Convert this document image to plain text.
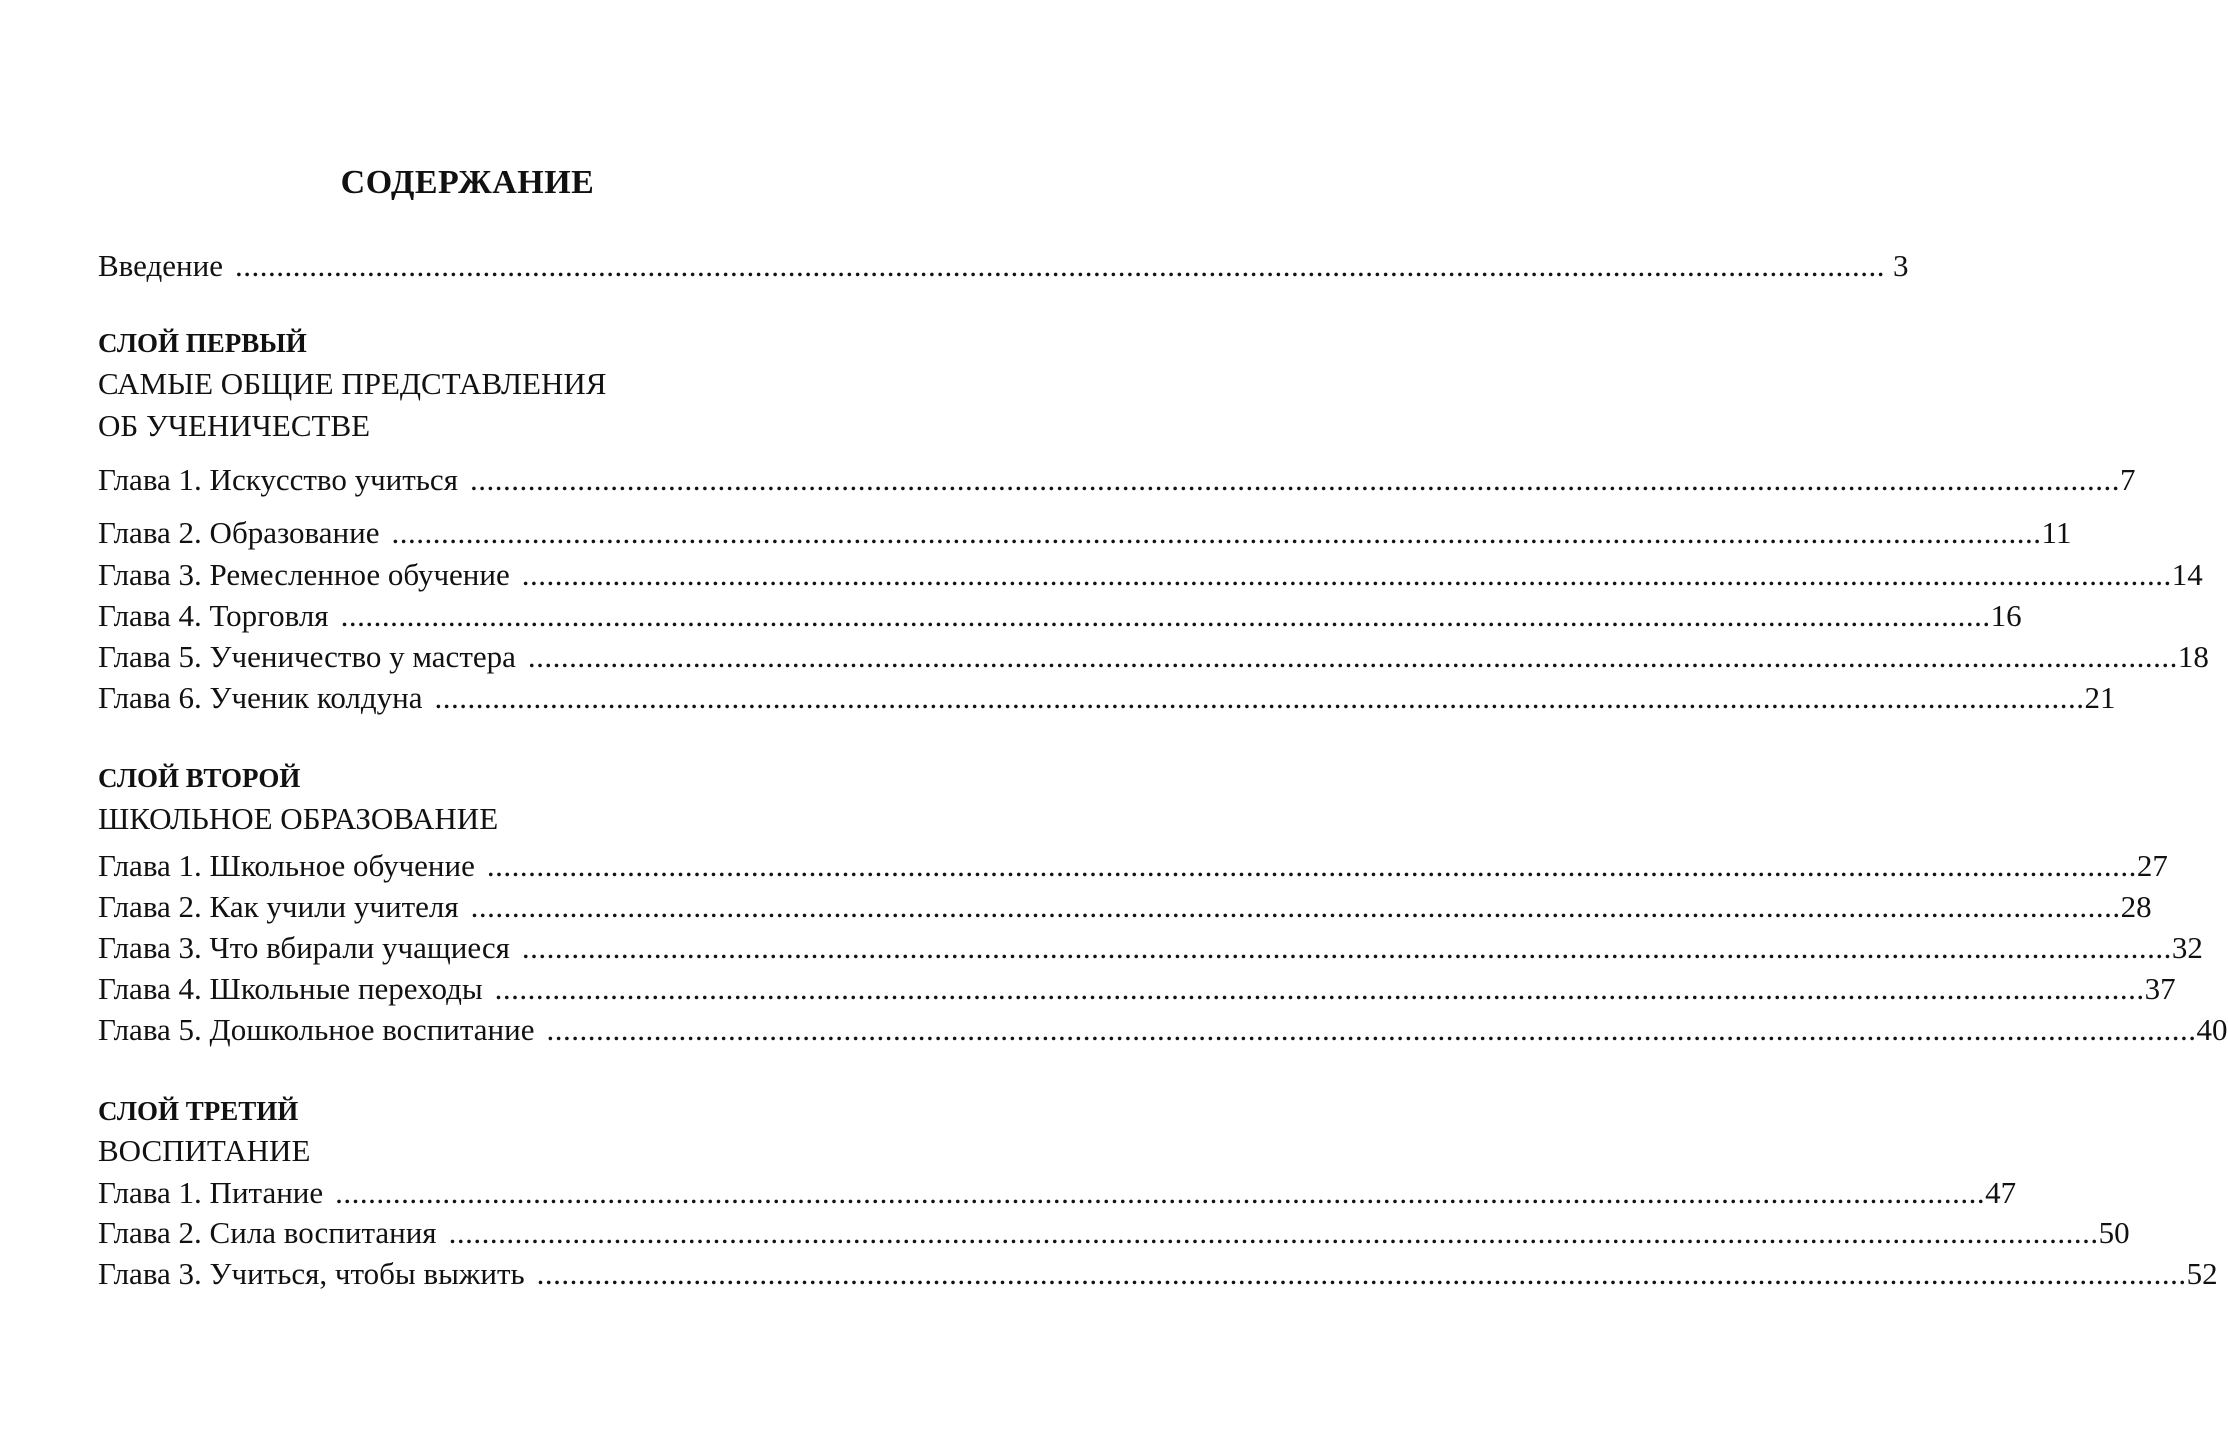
СОДЕРЖАНИЕ
Введение ........................................................................................................................................................................................................ 3
СЛОЙ ПЕРВЫЙ
САМЫЕ ОБЩИЕ ПРЕДСТАВЛЕНИЯ
ОБ УЧЕНИЧЕСТВЕ
Глава 1. Искусство учиться ........................................................................................................................................................................................................ 7
Глава 2. Образование ........................................................................................................................................................................................................ 11
Глава 3. Ремесленное обучение ........................................................................................................................................................................................................ 14
Глава 4. Торговля ........................................................................................................................................................................................................ 16
Глава 5. Ученичество у мастера ........................................................................................................................................................................................................ 18
Глава 6. Ученик колдуна ........................................................................................................................................................................................................ 21
СЛОЙ ВТОРОЙ
ШКОЛЬНОЕ ОБРАЗОВАНИЕ
Глава 1. Школьное обучение ........................................................................................................................................................................................................ 27
Глава 2. Как учили учителя ........................................................................................................................................................................................................ 28
Глава 3. Что вбирали учащиеся ........................................................................................................................................................................................................ 32
Глава 4. Школьные переходы ........................................................................................................................................................................................................ 37
Глава 5. Дошкольное воспитание ........................................................................................................................................................................................................ 40
СЛОЙ ТРЕТИЙ
ВОСПИТАНИЕ
Глава 1. Питание ........................................................................................................................................................................................................ 47
Глава 2. Сила воспитания ........................................................................................................................................................................................................ 50
Глава 3. Учиться, чтобы выжить ........................................................................................................................................................................................................ 52
